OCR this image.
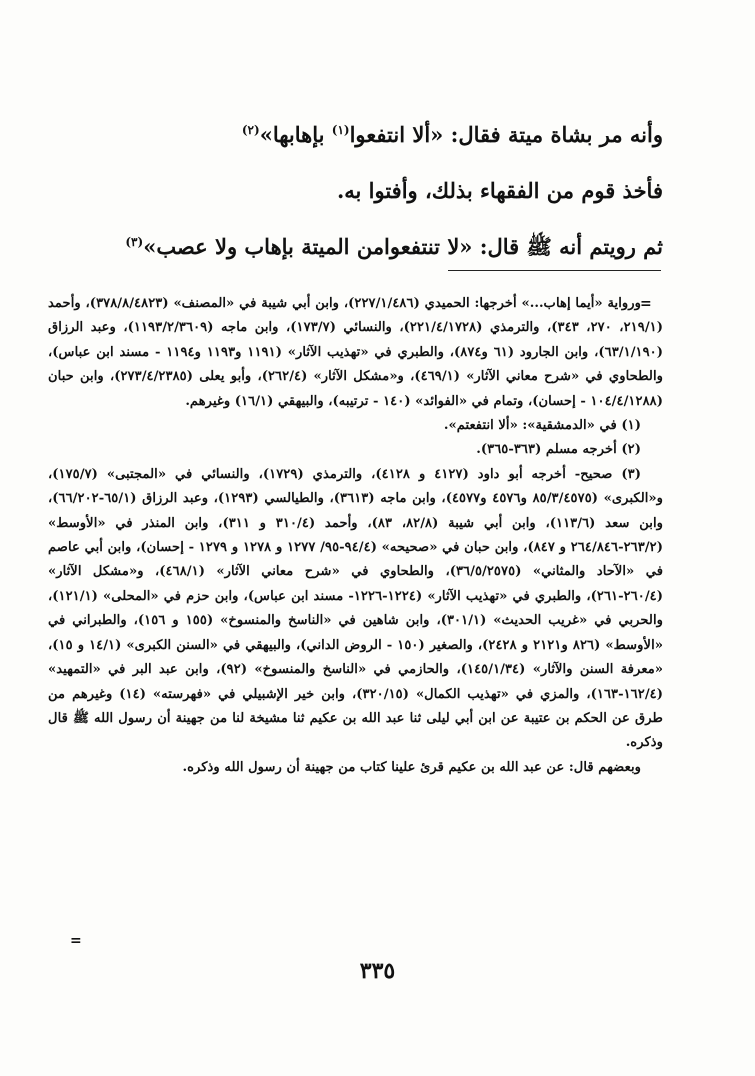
وأنه مر بشاة ميتة فقال: «ألا انتفعوا$^{(١)}$ بإهابها»$^{(٢)}$
فأخذ قوم من الفقهاء بذلك، وأفتوا به.
ثم رويتم أنه ﷺ قال: «لا تنتفعوامن الميتة بإهاب ولا عصب»$^{(٣)}$
=

ورواية «أيما إهاب...» أخرجها: الحميدي (٢٢٧/١/٤٨٦)، وابن أبي شيبة في «المصنف» (٣٧٨/٨/٤٨٢٣)، وأحمد (٢١٩/١، ٢٧٠، ٣٤٣)، والترمذي (٢٢١/٤/١٧٢٨)، والنسائي (١٧٣/٧)، وابن ماجه (١١٩٣/٢/٣٦٠٩)، وعبد الرزاق (٦٣/١/١٩٠)، وابن الجارود (٦١ و٨٧٤)، والطبري في «تهذيب الآثار» (١١٩١ و١١٩٣ و١١٩٤ - مسند ابن عباس)، والطحاوي في «شرح معاني الآثار» (٤٦٩/١)، و«مشكل الآثار» (٢٦٢/٤)، وأبو يعلى (٢٧٣/٤/٢٣٨٥)، وابن حبان (١٠٤/٤/١٢٨٨ - إحسان)، وتمام في «الفوائد» (١٤٠ - ترتيبه)، والبيهقي (١٦/١) وغيرهم.

(١) في «الدمشقية»: «ألا انتفعتم».

(٢) أخرجه مسلم (٣٦٣-٣٦٥).

(٣) صحيح- أخرجه أبو داود (٤١٢٧ و ٤١٢٨)، والترمذي (١٧٢٩)، والنسائي في «المجتبى» (١٧٥/٧)، و«الكبرى» (٨٥/٣/٤٥٧٥ و٤٥٧٦ و٤٥٧٧)، وابن ماجه (٣٦١٣)، والطيالسي (١٢٩٣)، وعبد الرزاق (٦٥/١-٦٦/٢٠٢)، وابن سعد (١١٣/٦)، وابن أبي شيبة (٨٢/٨، ٨٣)، وأحمد (٣١٠/٤ و ٣١١)، وابن المنذر في «الأوسط» (٢٦٣/٢-٢٦٤/٨٤٦ و ٨٤٧)، وابن حبان في «صحيحه» (٩٤/٤-٩٥/ ١٢٧٧ و ١٢٧٨ و ١٢٧٩ - إحسان)، وابن أبي عاصم في «الآحاد والمثاني» (٣٦/٥/٢٥٧٥)، والطحاوي في «شرح معاني الآثار» (٤٦٨/١)، و«مشكل الآثار» (٢٦٠/٤-٢٦١)، والطبري في «تهذيب الآثار» (١٢٢٤-١٢٢٦- مسند ابن عباس)، وابن حزم في «المحلى» (١٢١/١)، والحربي في «غريب الحديث» (٣٠١/١)، وابن شاهين في «الناسخ والمنسوخ» (١٥٥ و ١٥٦)، والطبراني في «الأوسط» (٨٢٦ و٢١٢١ و ٢٤٢٨)، والصغير (١٥٠ - الروض الداني)، والبيهقي في «السنن الكبرى» (١٤/١ و ١٥)، «معرفة السنن والآثار» (١٤٥/١/٣٤)، والحازمي في «الناسخ والمنسوخ» (٩٢)، وابن عبد البر في «التمهيد» (١٦٢/٤-١٦٣)، والمزي في «تهذيب الكمال» (٣٢٠/١٥)، وابن خير الإشبيلي في «فهرسته» (١٤) وغيرهم من طرق عن الحكم بن عتيبة عن ابن أبي ليلى ثنا عبد الله بن عكيم ثنا مشيخة لنا من جهينة أن رسول الله ﷺ قال وذكره.

وبعضهم قال: عن عبد الله بن عكيم قرئ علينا كتاب من جهينة أن رسول الله وذكره.

=
٣٣٥
